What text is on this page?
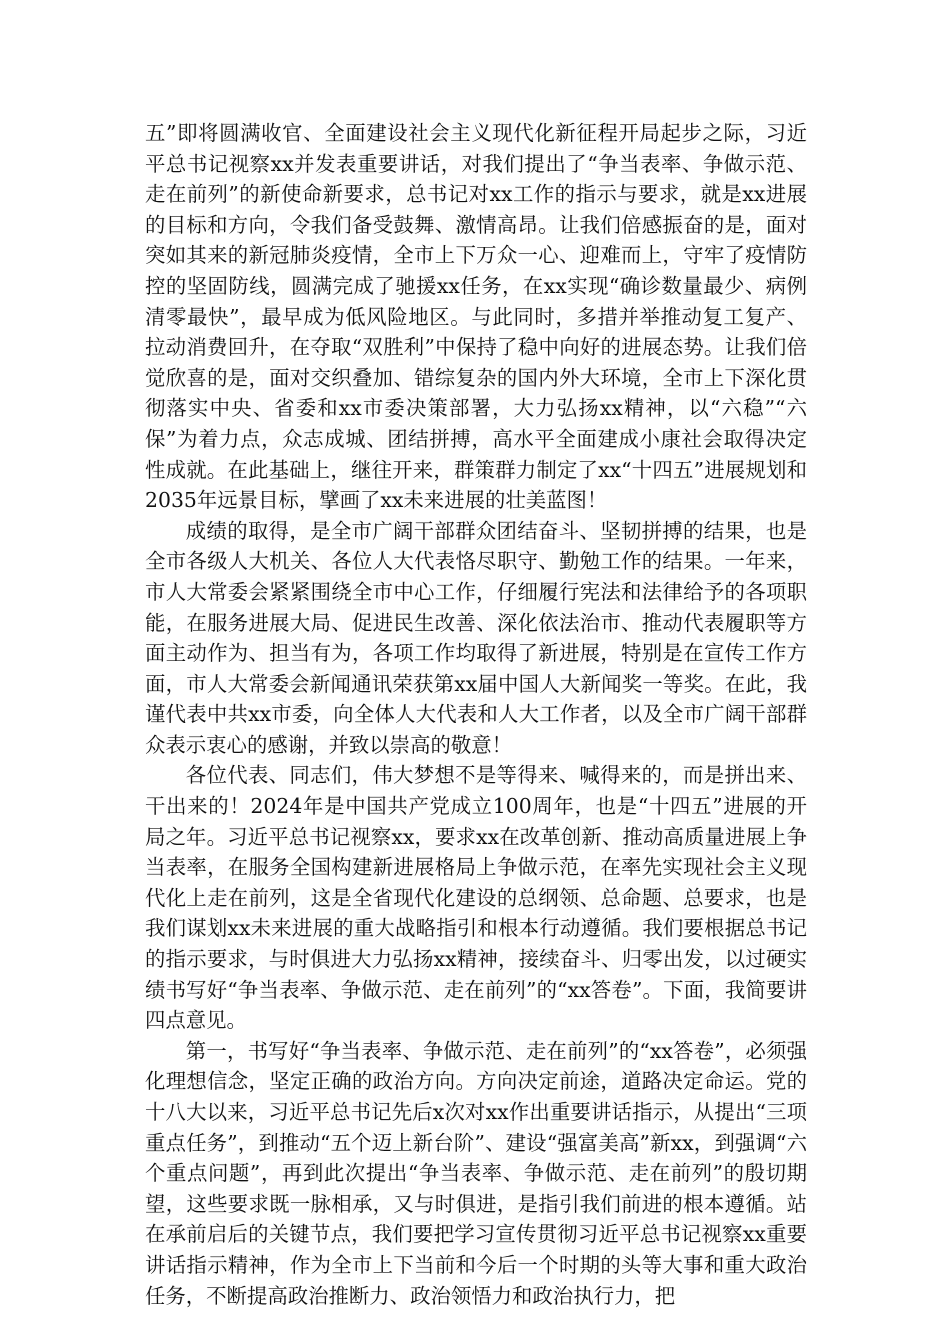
五”即将圆满收官、全面建设社会主义现代化新征程开局起步之际，习近平总书记视察xx并发表重要讲话，对我们提出了“争当表率、争做示范、走在前列”的新使命新要求，总书记对xx工作的指示与要求，就是xx进展的目标和方向，令我们备受鼓舞、激情高昂。让我们倍感振奋的是，面对突如其来的新冠肺炎疫情，全市上下万众一心、迎难而上，守牢了疫情防控的坚固防线，圆满完成了驰援xx任务，在xx实现“确诊数量最少、病例清零最快”，最早成为低风险地区。与此同时，多措并举推动复工复产、拉动消费回升，在夺取“双胜利”中保持了稳中向好的进展态势。让我们倍觉欣喜的是，面对交织叠加、错综复杂的国内外大环境，全市上下深化贯彻落实中央、省委和xx市委决策部署，大力弘扬xx精神，以“六稳”“六保”为着力点，众志成城、团结拼搏，高水平全面建成小康社会取得决定性成就。在此基础上，继往开来，群策群力制定了xx“十四五”进展规划和2035年远景目标，擘画了xx未来进展的壮美蓝图！

成绩的取得，是全市广阔干部群众团结奋斗、坚韧拼搏的结果，也是全市各级人大机关、各位人大代表恪尽职守、勤勉工作的结果。一年来，市人大常委会紧紧围绕全市中心工作，仔细履行宪法和法律给予的各项职能，在服务进展大局、促进民生改善、深化依法治市、推动代表履职等方面主动作为、担当有为，各项工作均取得了新进展，特别是在宣传工作方面，市人大常委会新闻通讯荣获第xx届中国人大新闻奖一等奖。在此，我谨代表中共xx市委，向全体人大代表和人大工作者，以及全市广阔干部群众表示衷心的感谢，并致以崇高的敬意！

各位代表、同志们，伟大梦想不是等得来、喊得来的，而是拼出来、干出来的！2024年是中国共产党成立100周年，也是“十四五”进展的开局之年。习近平总书记视察xx，要求xx在改革创新、推动高质量进展上争当表率，在服务全国构建新进展格局上争做示范，在率先实现社会主义现代化上走在前列，这是全省现代化建设的总纲领、总命题、总要求，也是我们谋划xx未来进展的重大战略指引和根本行动遵循。我们要根据总书记的指示要求，与时俱进大力弘扬xx精神，接续奋斗、归零出发，以过硬实绩书写好“争当表率、争做示范、走在前列”的“xx答卷”。下面，我简要讲四点意见。

第一，书写好“争当表率、争做示范、走在前列”的“xx答卷”，必须强化理想信念，坚定正确的政治方向。方向决定前途，道路决定命运。党的十八大以来，习近平总书记先后x次对xx作出重要讲话指示，从提出“三项重点任务”，到推动“五个迈上新台阶”、建设“强富美高”新xx，到强调“六个重点问题”，再到此次提出“争当表率、争做示范、走在前列”的殷切期望，这些要求既一脉相承，又与时俱进，是指引我们前进的根本遵循。站在承前启后的关键节点，我们要把学习宣传贯彻习近平总书记视察xx重要讲话指示精神，作为全市上下当前和今后一个时期的头等大事和重大政治任务，不断提高政治推断力、政治领悟力和政治执行力，把
